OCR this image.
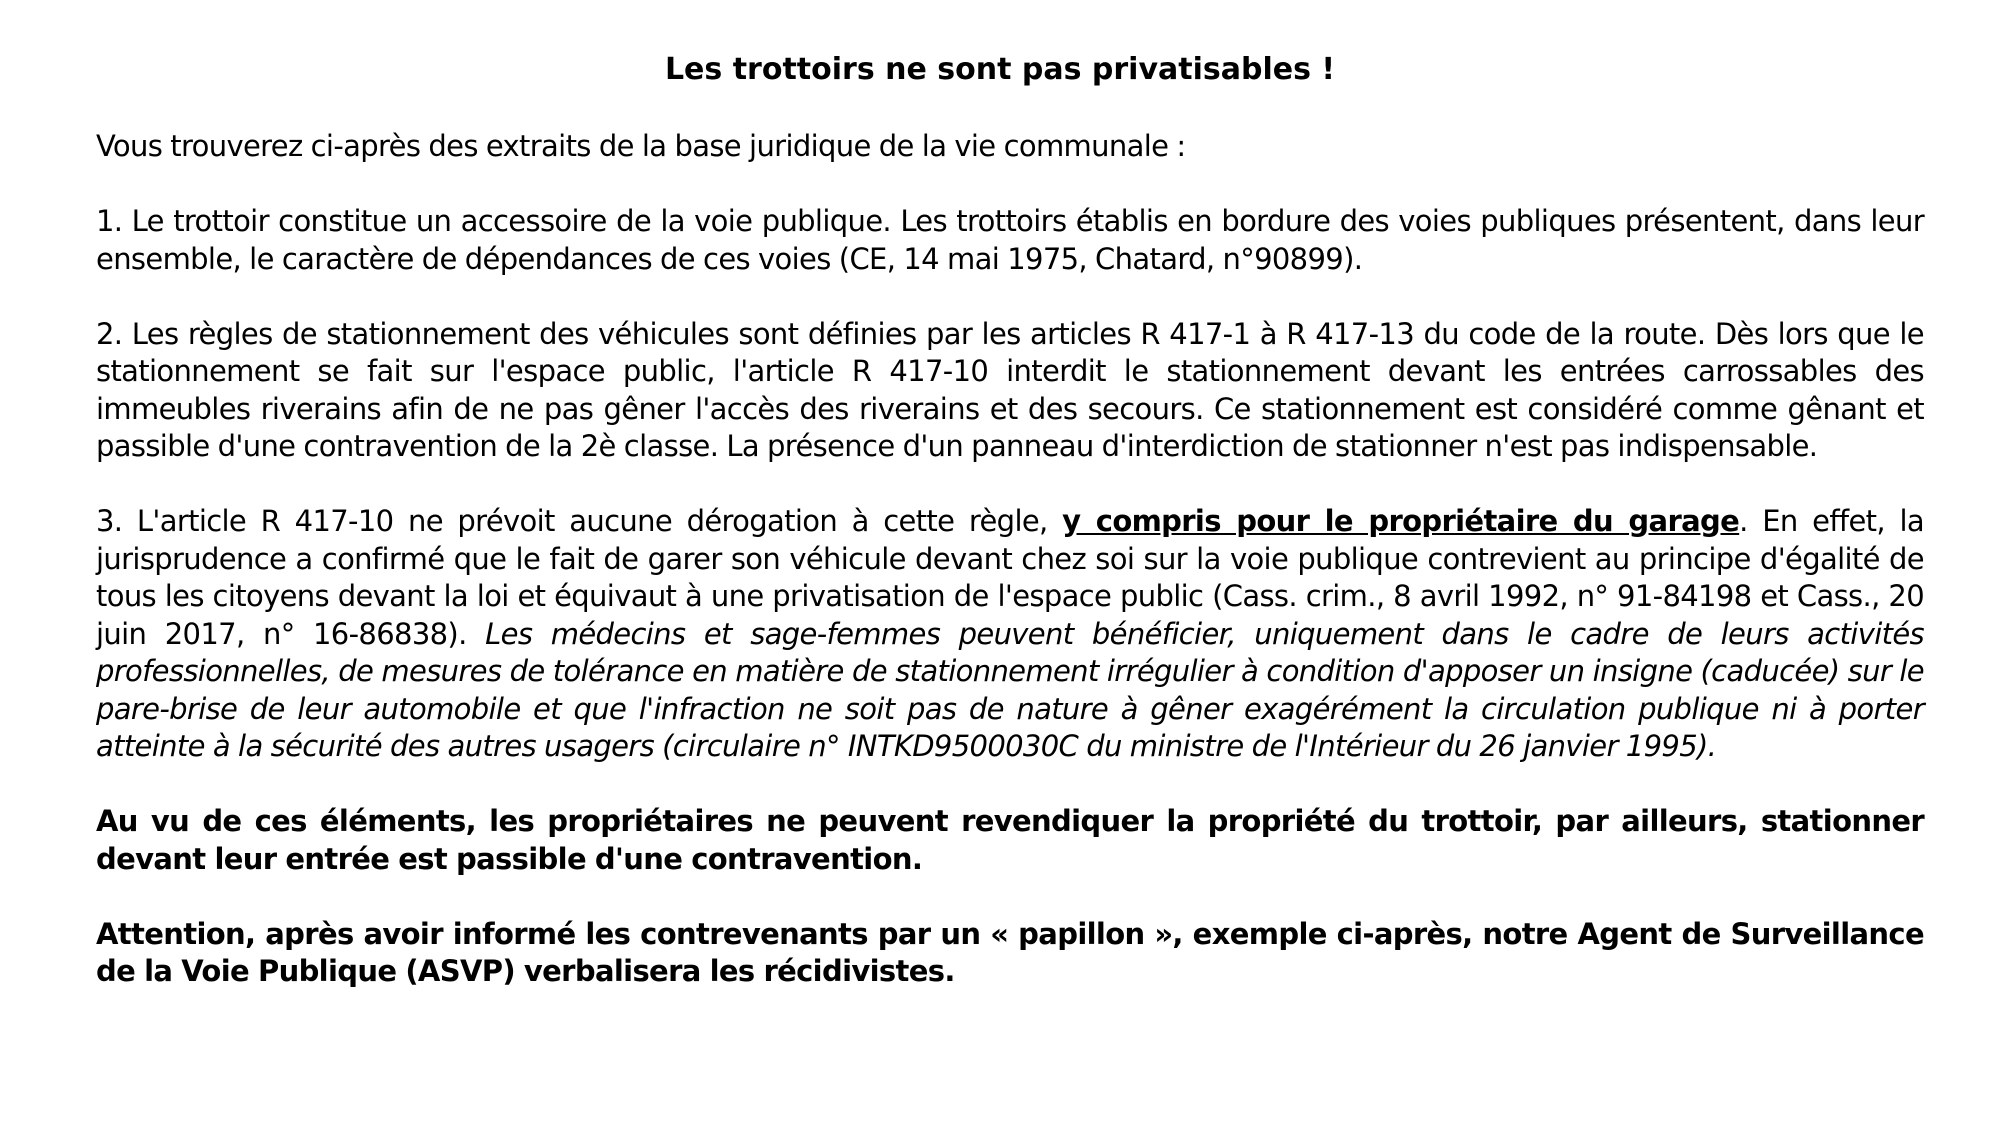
Les trottoirs ne sont pas privatisables !

Vous trouverez ci-après des extraits de la base juridique de la vie communale :

1. Le trottoir constitue un accessoire de la voie publique. Les trottoirs établis en bordure des voies publiques présentent, dans leur ensemble, le caractère de dépendances de ces voies (CE, 14 mai 1975, Chatard, n°90899).

2. Les règles de stationnement des véhicules sont définies par les articles R 417-1 à R 417-13 du code de la route. Dès lors que le stationnement se fait sur l'espace public, l'article R 417-10 interdit le stationnement devant les entrées carrossables des immeubles riverains afin de ne pas gêner l'accès des riverains et des secours. Ce stationnement est considéré comme gênant et passible d'une contravention de la 2è classe. La présence d'un panneau d'interdiction de stationner n'est pas indispensable.

3. L'article R 417-10 ne prévoit aucune dérogation à cette règle, y compris pour le propriétaire du garage. En effet, la jurisprudence a confirmé que le fait de garer son véhicule devant chez soi sur la voie publique contrevient au principe d'égalité de tous les citoyens devant la loi et équivaut à une privatisation de l'espace public (Cass. crim., 8 avril 1992, n° 91-84198 et Cass., 20 juin 2017, n° 16-86838). Les médecins et sage-femmes peuvent bénéficier, uniquement dans le cadre de leurs activités professionnelles, de mesures de tolérance en matière de stationnement irrégulier à condition d'apposer un insigne (caducée) sur le pare-brise de leur automobile et que l'infraction ne soit pas de nature à gêner exagérément la circulation publique ni à porter atteinte à la sécurité des autres usagers (circulaire n° INTKD9500030C du ministre de l'Intérieur du 26 janvier 1995).

Au vu de ces éléments, les propriétaires ne peuvent revendiquer la propriété du trottoir, par ailleurs, stationner devant leur entrée est passible d'une contravention.

Attention, après avoir informé les contrevenants par un « papillon », exemple ci-après, notre Agent de Surveillance de la Voie Publique (ASVP) verbalisera les récidivistes.
